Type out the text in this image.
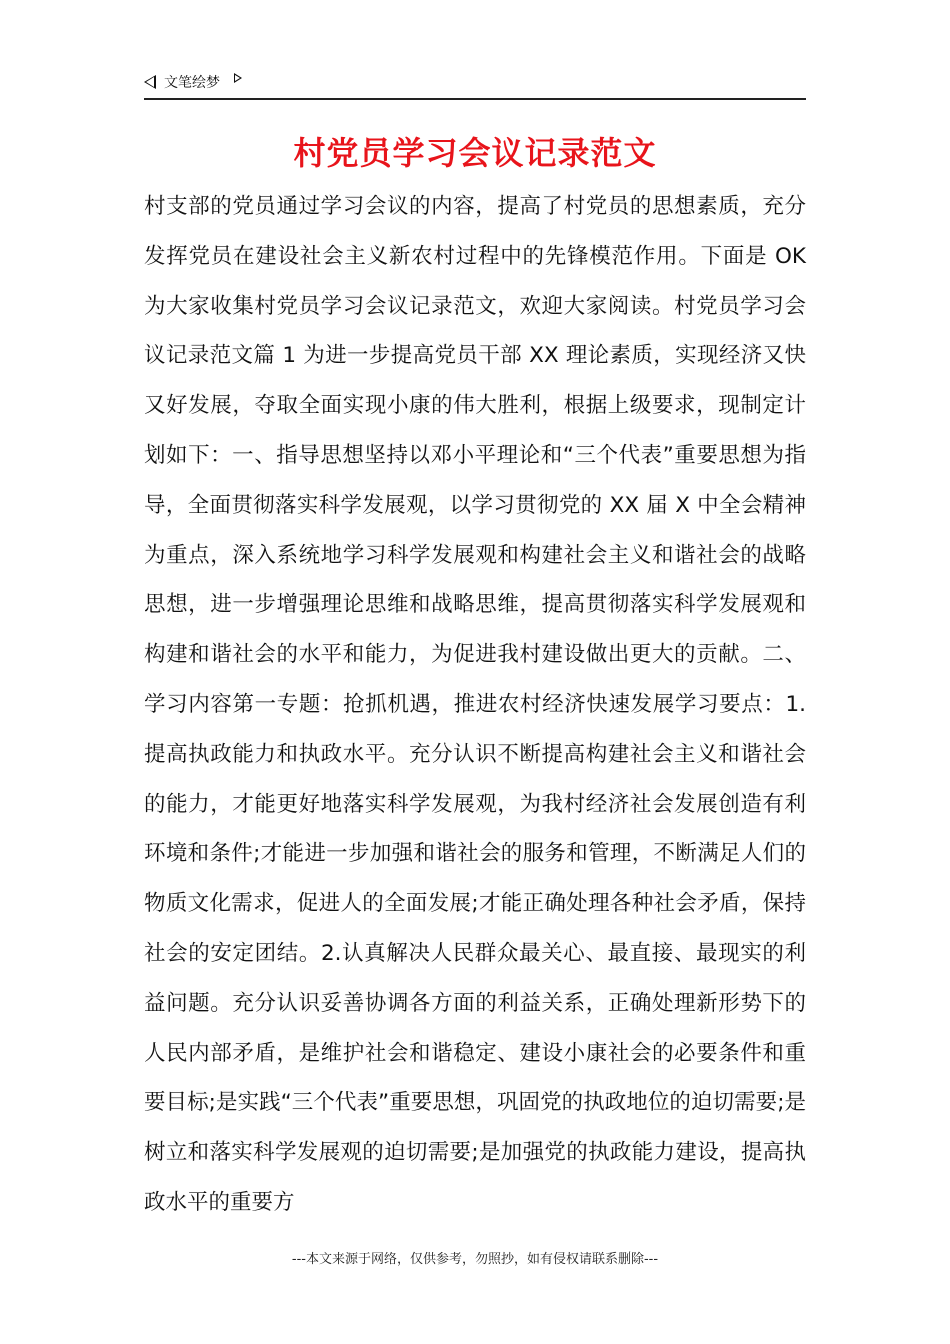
文笔绘梦
村党员学习会议记录范文

村支部的党员通过学习会议的内容，提高了村党员的思想素质，充分发挥党员在建设社会主义新农村过程中的先锋模范作用。下面是 OK 为大家收集村党员学习会议记录范文，欢迎大家阅读。村党员学习会议记录范文篇 1 为进一步提高党员干部 XX 理论素质，实现经济又快又好发展，夺取全面实现小康的伟大胜利，根据上级要求，现制定计划如下：一、指导思想坚持以邓小平理论和“三个代表”重要思想为指导，全面贯彻落实科学发展观，以学习贯彻党的 XX 届 X 中全会精神为重点，深入系统地学习科学发展观和构建社会主义和谐社会的战略思想，进一步增强理论思维和战略思维，提高贯彻落实科学发展观和构建和谐社会的水平和能力，为促进我村建设做出更大的贡献。二、学习内容第一专题：抢抓机遇，推进农村经济快速发展学习要点：1.提高执政能力和执政水平。充分认识不断提高构建社会主义和谐社会的能力，才能更好地落实科学发展观，为我村经济社会发展创造有利环境和条件;才能进一步加强和谐社会的服务和管理，不断满足人们的物质文化需求，促进人的全面发展;才能正确处理各种社会矛盾，保持社会的安定团结。2.认真解决人民群众最关心、最直接、最现实的利益问题。充分认识妥善协调各方面的利益关系，正确处理新形势下的人民内部矛盾，是维护社会和谐稳定、建设小康社会的必要条件和重要目标;是实践“三个代表”重要思想，巩固党的执政地位的迫切需要;是树立和落实科学发展观的迫切需要;是加强党的执政能力建设，提高执政水平的重要方

---本文来源于网络，仅供参考，勿照抄，如有侵权请联系删除---
